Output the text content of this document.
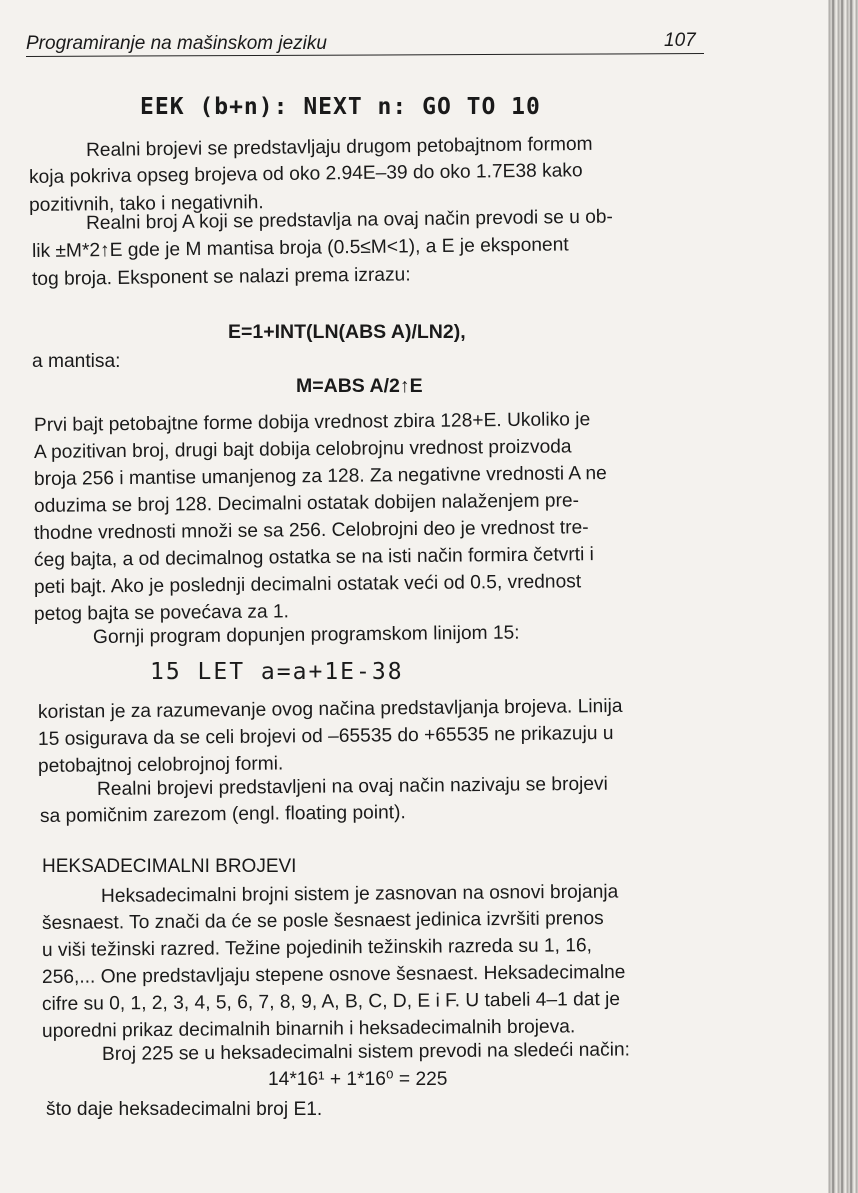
Programiranje na mašinskom jeziku	107
EEK (b+n): NEXT n: GO TO 10
Realni brojevi se predstavljaju drugom petobajtnom formom
koja pokriva opseg brojeva od oko 2.94E–39 do oko 1.7E38 kako
pozitivnih, tako i negativnih.
Realni broj A koji se predstavlja na ovaj način prevodi se u ob-
lik ±M*2↑E gde je M mantisa broja (0.5≤M<1), a E je eksponent
tog broja. Eksponent se nalazi prema izrazu:
E=1+INT(LN(ABS A)/LN2),
a mantisa:
M=ABS A/2↑E
Prvi bajt petobajtne forme dobija vrednost zbira 128+E. Ukoliko je
A pozitivan broj, drugi bajt dobija celobrojnu vrednost proizvoda
broja 256 i mantise umanjenog za 128. Za negativne vrednosti A ne
oduzima se broj 128. Decimalni ostatak dobijen nalaženjem pre-
thodne vrednosti množi se sa 256. Celobrojni deo je vrednost tre-
ćeg bajta, a od decimalnog ostatka se na isti način formira četvrti i
peti bajt. Ako je poslednji decimalni ostatak veći od 0.5, vrednost
petog bajta se povećava za 1.
Gornji program dopunjen programskom linijom 15:
15 LET a=a+1E-38
koristan je za razumevanje ovog načina predstavljanja brojeva. Linija
15 osigurava da se celi brojevi od –65535 do +65535 ne prikazuju u
petobajtnoj celobrojnoj formi.
Realni brojevi predstavljeni na ovaj način nazivaju se brojevi
sa pomičnim zarezom (engl. floating point).
HEKSADECIMALNI BROJEVI
Heksadecimalni brojni sistem je zasnovan na osnovi brojanja
šesnaest. To znači da će se posle šesnaest jedinica izvršiti prenos
u viši težinski razred. Težine pojedinih težinskih razreda su 1, 16,
256,... One predstavljaju stepene osnove šesnaest. Heksadecimalne
cifre su 0, 1, 2, 3, 4, 5, 6, 7, 8, 9, A, B, C, D, E i F. U tabeli 4–1 dat je
uporedni prikaz decimalnih binarnih i heksadecimalnih brojeva.
Broj 225 se u heksadecimalni sistem prevodi na sledeći način:
14*16¹ + 1*16⁰ = 225
što daje heksadecimalni broj E1.
